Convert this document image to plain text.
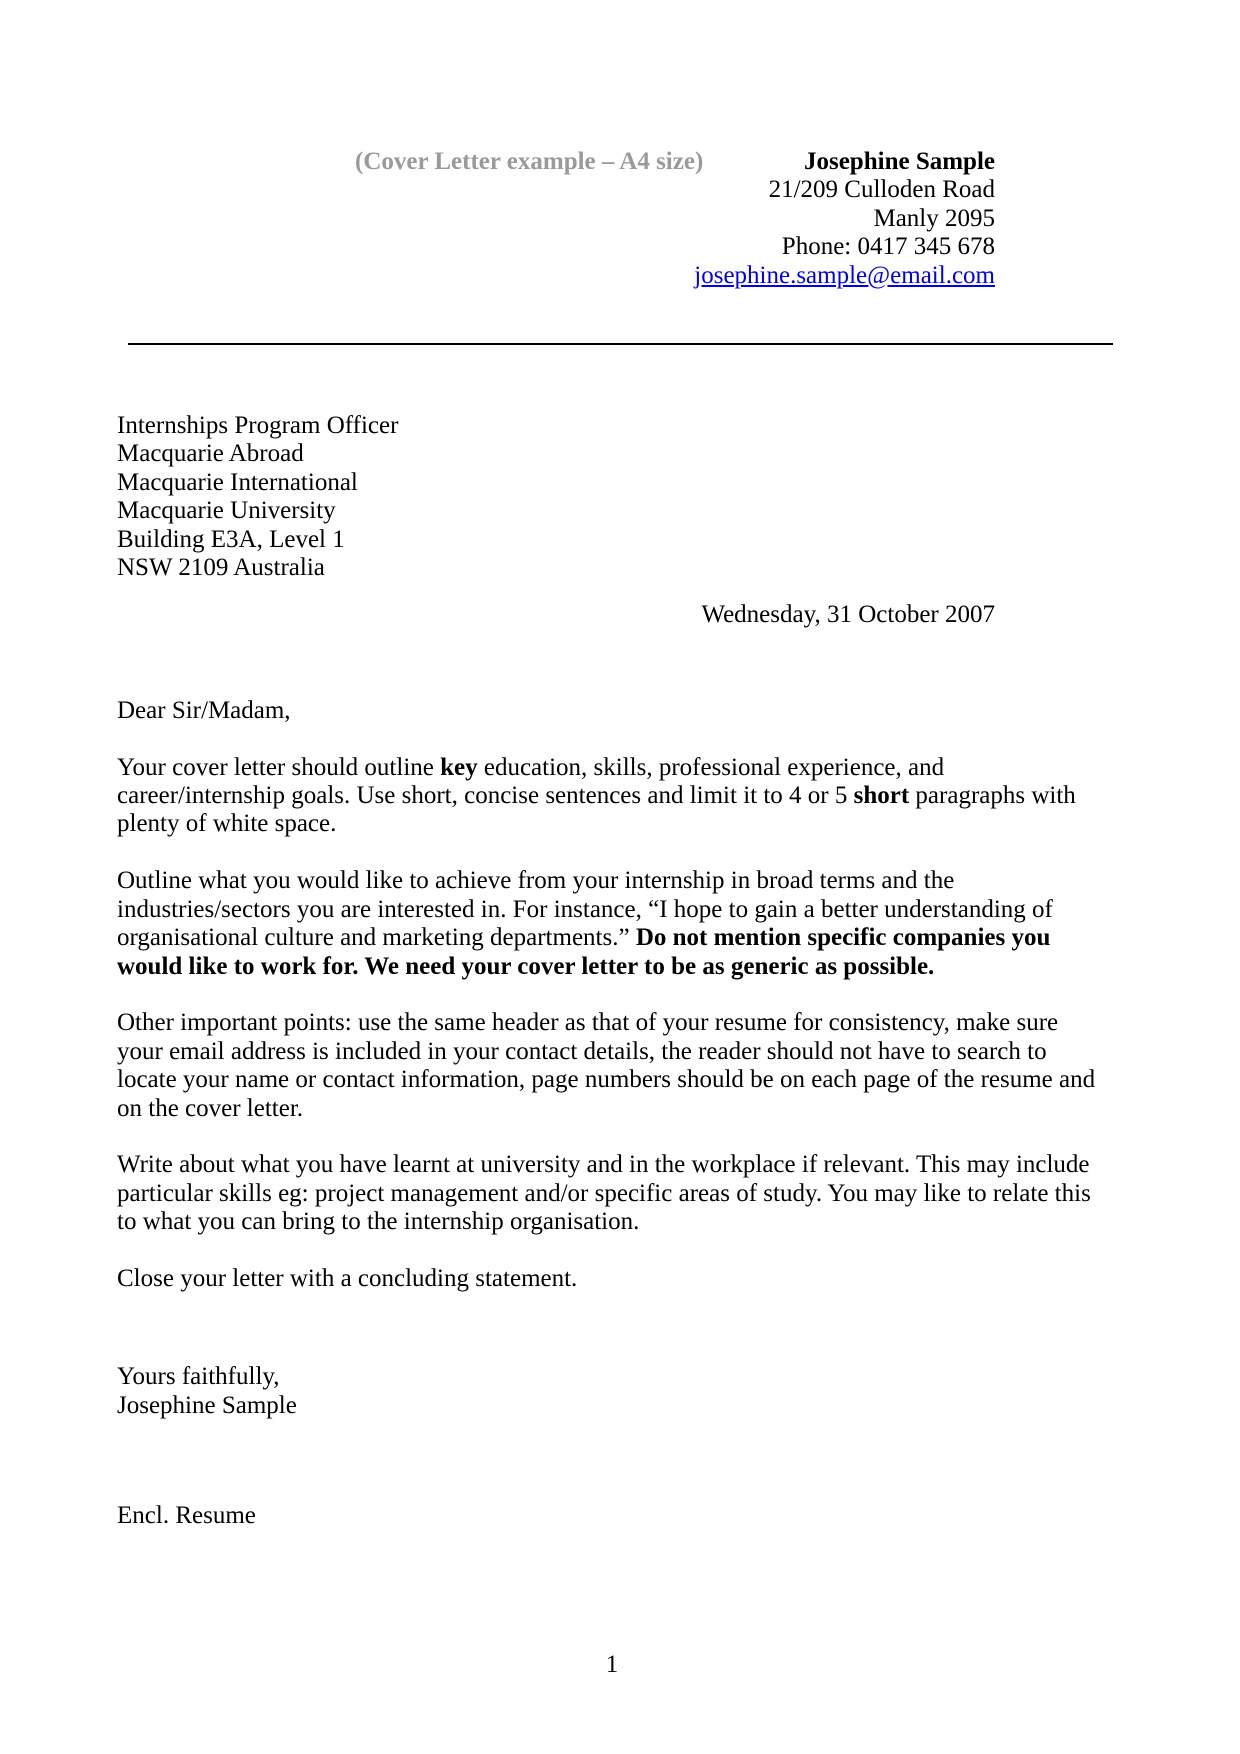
(Cover Letter example – A4 size)	Josephine Sample
21/209 Culloden Road
Manly 2095
Phone: 0417 345 678
josephine.sample@email.com
Internships Program Officer
Macquarie Abroad
Macquarie International
Macquarie University
Building E3A, Level 1
NSW 2109 Australia
Wednesday, 31 October 2007
Dear Sir/Madam,

Your cover letter should outline key education, skills, professional experience, and career/internship goals. Use short, concise sentences and limit it to 4 or 5 short paragraphs with plenty of white space.

Outline what you would like to achieve from your internship in broad terms and the industries/sectors you are interested in. For instance, “I hope to gain a better understanding of organisational culture and marketing departments.” Do not mention specific companies you would like to work for. We need your cover letter to be as generic as possible.

Other important points: use the same header as that of your resume for consistency, make sure your email address is included in your contact details, the reader should not have to search to locate your name or contact information, page numbers should be on each page of the resume and on the cover letter.

Write about what you have learnt at university and in the workplace if relevant. This may include particular skills eg: project management and/or specific areas of study. You may like to relate this to what you can bring to the internship organisation.

Close your letter with a concluding statement.

Yours faithfully,
Josephine Sample
Encl. Resume
1
